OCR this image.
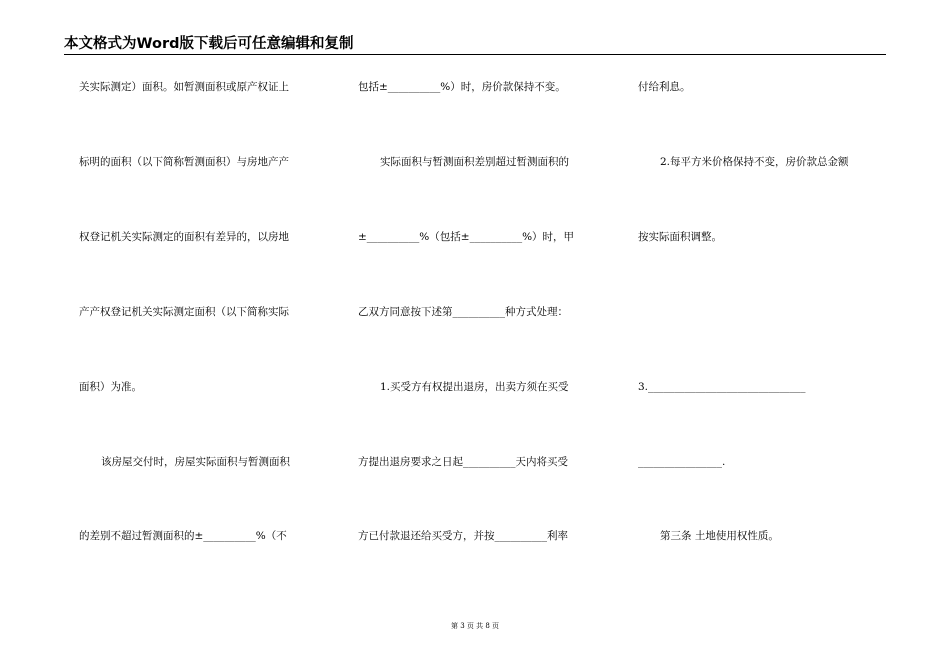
本文格式为Word版下载后可任意编辑和复制
关实际测定）面积。如暂测面积或原产权证上
标明的面积（以下简称暂测面积）与房地产产
权登记机关实际测定的面积有差异的，以房地
产产权登记机关实际测定面积（以下简称实际
面积）为准。
该房屋交付时，房屋实际面积与暂测面积
的差别不超过暂测面积的±__________%（不
包括±__________%）时，房价款保持不变。
实际面积与暂测面积差别超过暂测面积的
±__________%（包括±__________%）时，甲
乙双方同意按下述第__________种方式处理：
1.买受方有权提出退房，出卖方须在买受
方提出退房要求之日起__________天内将买受
方已付款退还给买受方，并按__________利率
付给利息。
2.每平方米价格保持不变，房价款总金额
按实际面积调整。
3.______________________________
________________.
第三条 土地使用权性质。
第 3 页 共 8 页
